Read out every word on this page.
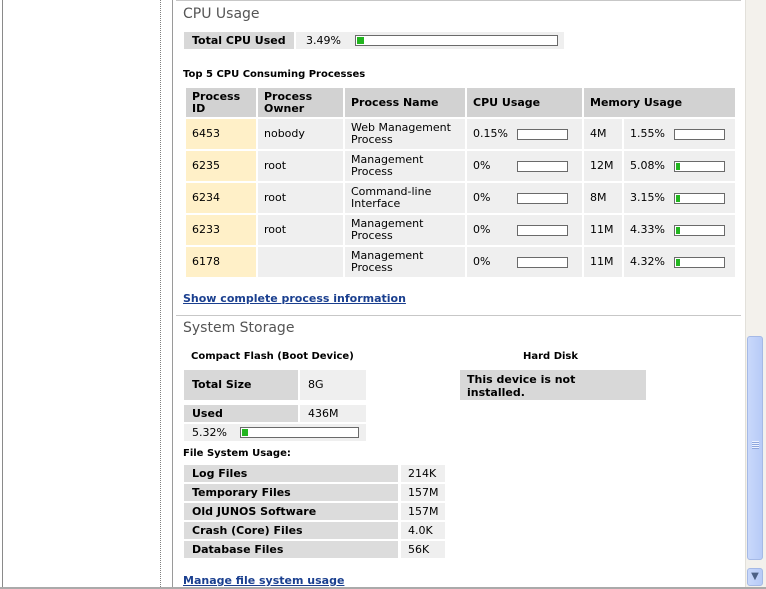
CPU Usage
Total CPU Used 3.49%
Top 5 CPU Consuming Processes
Process ID	Process Owner	Process Name	CPU Usage	Memory Usage	
6453	nobody	Web Management Process	0.15%	4M	1.55%

6235	root	Management Process	0%	12M	5.08%

6234	root	Command-line Interface	0%	8M	3.15%

6233	root	Management Process	0%	11M	4.33%

6178		Management Process	0%	11M	4.32%
Show complete process information
System Storage
Compact Flash (Boot Device)
Total Size	8G
Used	436M
5.32%
Hard Disk
This device is not installed.
File System Usage:
Log Files	214K
Temporary Files	157M
Old JUNOS Software	157M
Crash (Core) Files	4.0K
Database Files	56K
Manage file system usage	▼
